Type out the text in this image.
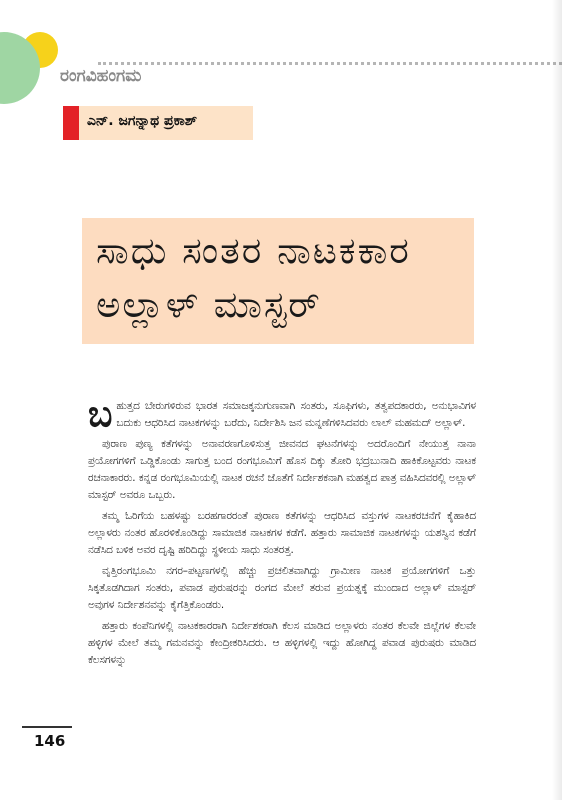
ರಂಗವಿಹಂಗಮ
ಎನ್. ಜಗನ್ನಾಥ ಪ್ರಕಾಶ್
ಸಾಧು ಸಂತರ ನಾಟಕಕಾರ
ಅಲ್ಲಾಳ್ ಮಾಸ್ಟರ್

ಬಹುತ್ತದ ಬೇರುಗಳಿರುವ ಭಾರತ ಸಮಾಜಕ್ಕನುಗುಣವಾಗಿ ಸಂತರು, ಸೂಫಿಗಳು, ತತ್ವಪದಕಾರರು, ಅನುಭಾವಿಗಳ ಬದುಕು ಆಧರಿಸಿದ ನಾಟಕಗಳನ್ನು ಬರೆದು, ನಿರ್ದೇಶಿಸಿ ಜನ ಮನ್ನಣೆಗಳಿಸಿದವರು ಲಾಲ್ ಮಹಮದ್ ಅಲ್ಲಾಳ್.

ಪುರಾಣ ಪುಣ್ಯ ಕತೆಗಳನ್ನು ಅನಾವರಣಗೊಳಿಸುತ್ತ ಜೀವನದ ಘಟನೆಗಳನ್ನು ಅದರೊಂದಿಗೆ ನೇಯುತ್ತ ನಾನಾ ಪ್ರಯೋಗಗಳಿಗೆ ಒಡ್ಡಿಕೊಂಡು ಸಾಗುತ್ತ ಬಂದ ರಂಗಭೂಮಿಗೆ ಹೊಸ ದಿಕ್ಕು ತೋರಿ ಭದ್ರಬುನಾದಿ ಹಾಕಿಕೊಟ್ಟವರು ನಾಟಕ ರಚನಾಕಾರರು. ಕನ್ನಡ ರಂಗಭೂಮಿಯಲ್ಲಿ ನಾಟಕ ರಚನೆ ಜೊತೆಗೆ ನಿರ್ದೇಶಕನಾಗಿ ಮಹತ್ವದ ಪಾತ್ರ ವಹಿಸಿದವರಲ್ಲಿ ಅಲ್ಲಾಳ್ ಮಾಸ್ಟರ್ ಅವರೂ ಒಬ್ಬರು.

ತಮ್ಮ ಓರಿಗೆಯ ಬಹಳಷ್ಟು ಬರಹಗಾರರಂತೆ ಪುರಾಣ ಕತೆಗಳನ್ನು ಆಧರಿಸಿದ ವಸ್ತುಗಳ ನಾಟಕರಚನೆಗೆ ಕೈಹಾಕಿದ ಅಲ್ಲಾಳರು ನಂತರ ಹೊರಳಿಕೊಂಡಿದ್ದು ಸಾಮಾಜಿಕ ನಾಟಕಗಳ ಕಡೆಗೆ. ಹತ್ತಾರು ಸಾಮಾಜಿಕ ನಾಟಕಗಳನ್ನು ಯಶಸ್ವಿನ ಕಡೆಗೆ ನಡೆಸಿದ ಬಳಿಕ ಅವರ ದೃಷ್ಟಿ ಹರಿದಿದ್ದು ಸ್ಥಳೀಯ ಸಾಧು ಸಂತರತ್ತ.

ವೃತ್ತಿರಂಗಭೂಮಿ ನಗರ–ಪಟ್ಟಣಗಳಲ್ಲಿ ಹೆಚ್ಚು ಪ್ರಚಲಿತವಾಗಿದ್ದು ಗ್ರಾಮೀಣ ನಾಟಕ ಪ್ರಯೋಗಗಳಿಗೆ ಒತ್ತು ಸಿಕ್ಕತೊಡಗಿದಾಗ ಸಂತರು, ಪವಾಡ ಪುರುಷರನ್ನು ರಂಗದ ಮೇಲೆ ತರುವ ಪ್ರಯತ್ನಕ್ಕೆ ಮುಂದಾದ ಅಲ್ಲಾಳ್ ಮಾಸ್ಟರ್ ಅವುಗಳ ನಿರ್ದೇಶನವನ್ನು ಕೈಗೆತ್ತಿಕೊಂಡರು.

ಹತ್ತಾರು ಕಂಪೆನಿಗಳಲ್ಲಿ ನಾಟಕಕಾರರಾಗಿ ನಿರ್ದೇಶಕರಾಗಿ ಕೆಲಸ ಮಾಡಿದ ಅಲ್ಲಾಳರು ನಂತರ ಕೆಲವೇ ಜಿಲ್ಲೆಗಳ ಕೆಲವೇ ಹಳ್ಳಿಗಳ ಮೇಲೆ ತಮ್ಮ ಗಮನವನ್ನು ಕೇಂದ್ರೀಕರಿಸಿದರು. ಆ ಹಳ್ಳಿಗಳಲ್ಲಿ ಇದ್ದು ಹೋಗಿದ್ದ ಪವಾಡ ಪುರುಷರು ಮಾಡಿದ ಕೆಲಸಗಳನ್ನು

146
